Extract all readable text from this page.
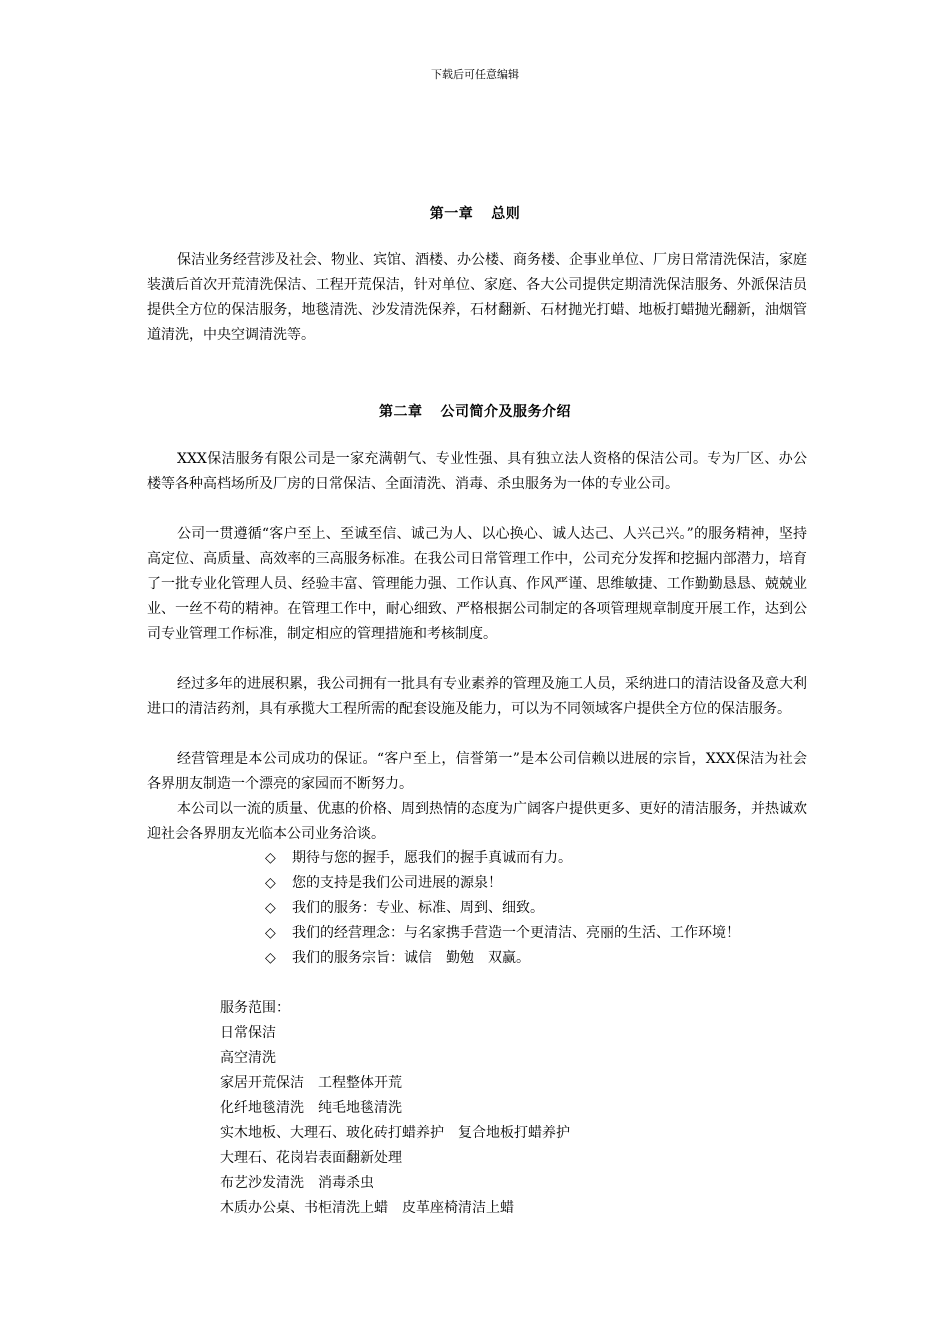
下载后可任意编辑
第一章 总则

保洁业务经营涉及社会、物业、宾馆、酒楼、办公楼、商务楼、企事业单位、厂房日常清洗保洁，家庭装潢后首次开荒清洗保洁、工程开荒保洁，针对单位、家庭、各大公司提供定期清洗保洁服务、外派保洁员提供全方位的保洁服务，地毯清洗、沙发清洗保养，石材翻新、石材抛光打蜡、地板打蜡抛光翻新，油烟管道清洗，中央空调清洗等。

第二章 公司简介及服务介绍

XXX保洁服务有限公司是一家充满朝气、专业性强、具有独立法人资格的保洁公司。专为厂区、办公楼等各种高档场所及厂房的日常保洁、全面清洗、消毒、杀虫服务为一体的专业公司。

公司一贯遵循“客户至上、至诚至信、诚己为人、以心换心、诚人达己、人兴己兴。”的服务精神，坚持高定位、高质量、高效率的三高服务标准。在我公司日常管理工作中，公司充分发挥和挖掘内部潜力，培育了一批专业化管理人员、经验丰富、管理能力强、工作认真、作风严谨、思维敏捷、工作勤勤恳恳、兢兢业业、一丝不苟的精神。在管理工作中，耐心细致、严格根据公司制定的各项管理规章制度开展工作，达到公司专业管理工作标准，制定相应的管理措施和考核制度。

经过多年的进展积累，我公司拥有一批具有专业素养的管理及施工人员，采纳进口的清洁设备及意大利进口的清洁药剂，具有承揽大工程所需的配套设施及能力，可以为不同领域客户提供全方位的保洁服务。

经营管理是本公司成功的保证。“客户至上，信誉第一”是本公司信赖以进展的宗旨，XXX保洁为社会各界朋友制造一个漂亮的家园而不断努力。

本公司以一流的质量、优惠的价格、周到热情的态度为广阔客户提供更多、更好的清洁服务，并热诚欢迎社会各界朋友光临本公司业务洽谈。

◇ 期待与您的握手，愿我们的握手真诚而有力。
◇ 您的支持是我们公司进展的源泉！
◇ 我们的服务：专业、标准、周到、细致。
◇ 我们的经营理念：与名家携手营造一个更清洁、亮丽的生活、工作环境！
◇ 我们的服务宗旨：诚信　勤勉　双赢。
服务范围：
日常保洁
高空清洗
家居开荒保洁　工程整体开荒
化纤地毯清洗　纯毛地毯清洗
实木地板、大理石、玻化砖打蜡养护　复合地板打蜡养护
大理石、花岗岩表面翻新处理
布艺沙发清洗　消毒杀虫
木质办公桌、书柜清洗上蜡　皮革座椅清洁上蜡
